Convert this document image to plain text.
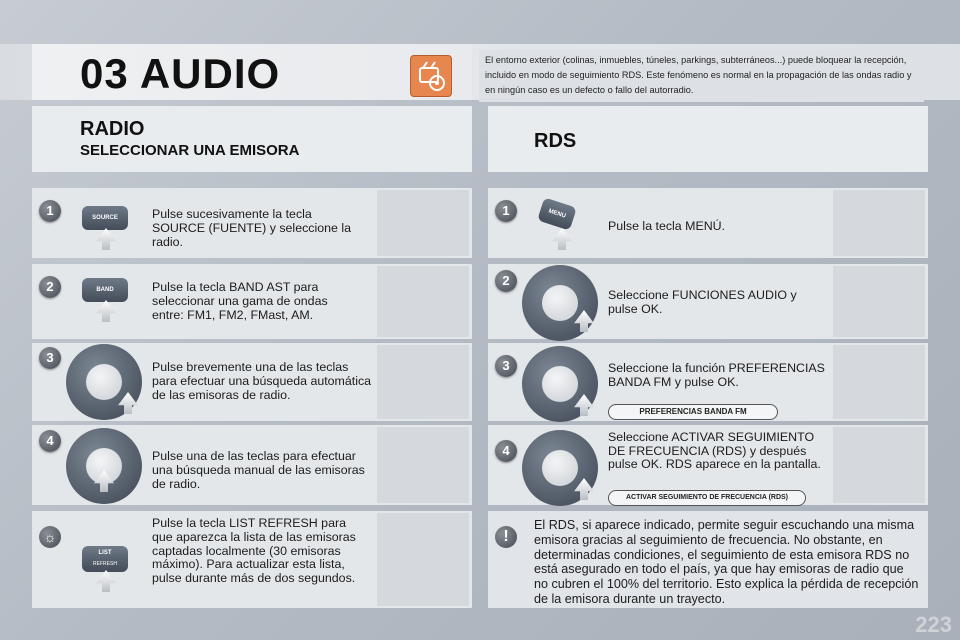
03 AUDIO	El entorno exterior (colinas, inmuebles, túneles, parkings, subterráneos...) puede bloquear la recepción, incluido en modo de seguimiento RDS. Este fenómeno es normal en la propagación de las ondas radio y en ningún caso es un defecto o fallo del autorradio.
RADIO
SELECCIONAR UNA EMISORA	RDS
1	SOURCE	Pulse sucesivamente la tecla SOURCE (FUENTE) y seleccione la radio.
2	BAND	Pulse la tecla BAND AST para seleccionar una gama de ondas entre: FM1, FM2, FMast, AM.
3
Pulse brevemente una de las teclas para efectuar una búsqueda automática de las emisoras de radio.
4
Pulse una de las teclas para efectuar una búsqueda manual de las emisoras de radio.
☼
LIST
REFRESH
Pulse la tecla LIST REFRESH para que aparezca la lista de las emisoras captadas localmente (30 emisoras máximo). Para actualizar esta lista, pulse durante más de dos segundos.
1	MENU
Pulse la tecla MENÚ.
2
Seleccione FUNCIONES AUDIO y pulse OK.
3	Seleccione la función PREFERENCIAS BANDA FM y pulse OK.
PREFERENCIAS BANDA FM
4
Seleccione ACTIVAR SEGUIMIENTO DE FRECUENCIA (RDS) y después pulse OK. RDS aparece en la pantalla.
ACTIVAR SEGUIMIENTO DE FRECUENCIA (RDS)
!
El RDS, si aparece indicado, permite seguir escuchando una misma emisora gracias al seguimiento de frecuencia. No obstante, en determinadas condiciones, el seguimiento de esta emisora RDS no está asegurado en todo el país, ya que hay emisoras de radio que no cubren el 100% del territorio. Esto explica la pérdida de recepción de la emisora durante un trayecto.
223
